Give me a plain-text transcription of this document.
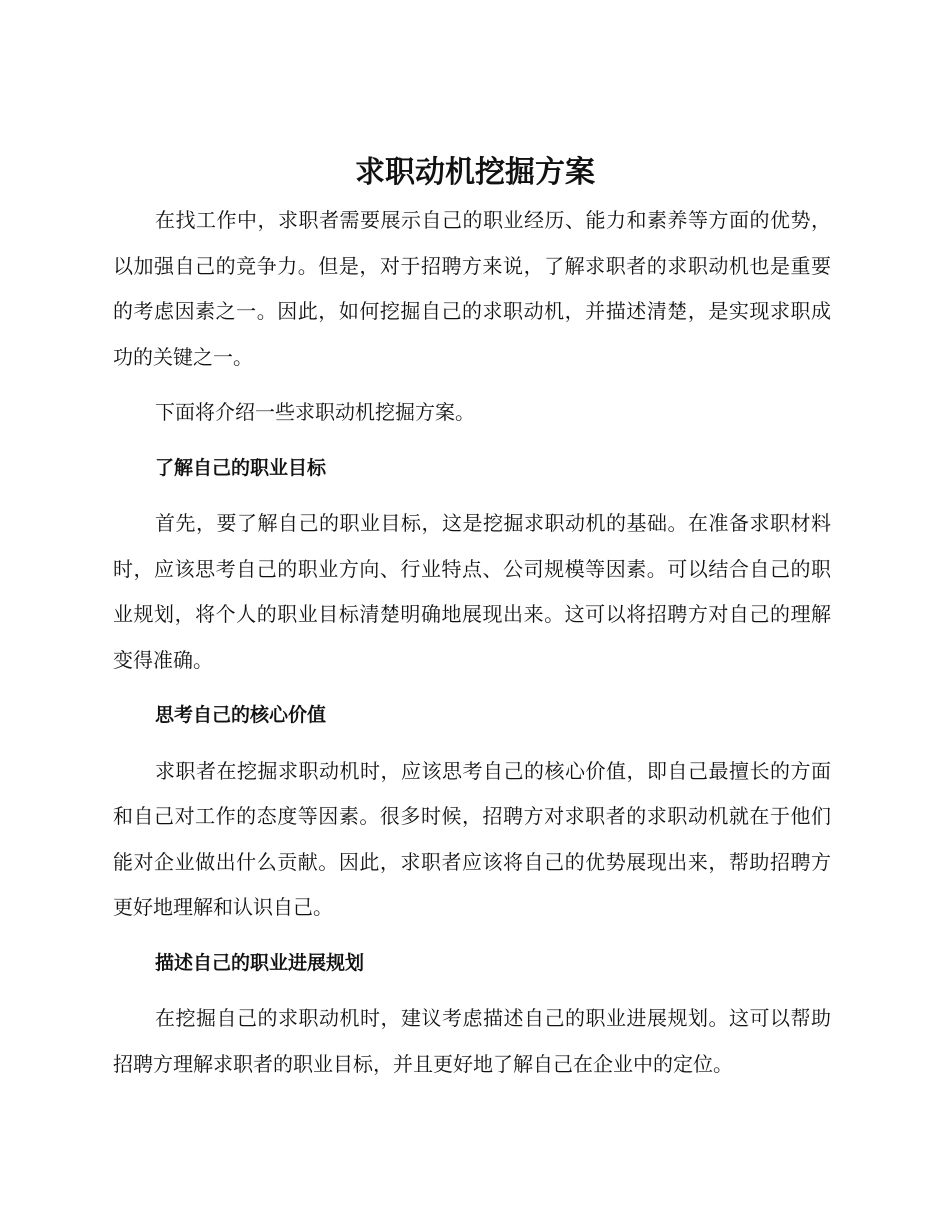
求职动机挖掘方案

在找工作中，求职者需要展示自己的职业经历、能力和素养等方面的优势，以加强自己的竞争力。但是，对于招聘方来说，了解求职者的求职动机也是重要的考虑因素之一。因此，如何挖掘自己的求职动机，并描述清楚，是实现求职成功的关键之一。

下面将介绍一些求职动机挖掘方案。

了解自己的职业目标

首先，要了解自己的职业目标，这是挖掘求职动机的基础。在准备求职材料时，应该思考自己的职业方向、行业特点、公司规模等因素。可以结合自己的职业规划，将个人的职业目标清楚明确地展现出来。这可以将招聘方对自己的理解变得准确。

思考自己的核心价值

求职者在挖掘求职动机时，应该思考自己的核心价值，即自己最擅长的方面和自己对工作的态度等因素。很多时候，招聘方对求职者的求职动机就在于他们能对企业做出什么贡献。因此，求职者应该将自己的优势展现出来，帮助招聘方更好地理解和认识自己。

描述自己的职业进展规划

在挖掘自己的求职动机时，建议考虑描述自己的职业进展规划。这可以帮助招聘方理解求职者的职业目标，并且更好地了解自己在企业中的定位。
